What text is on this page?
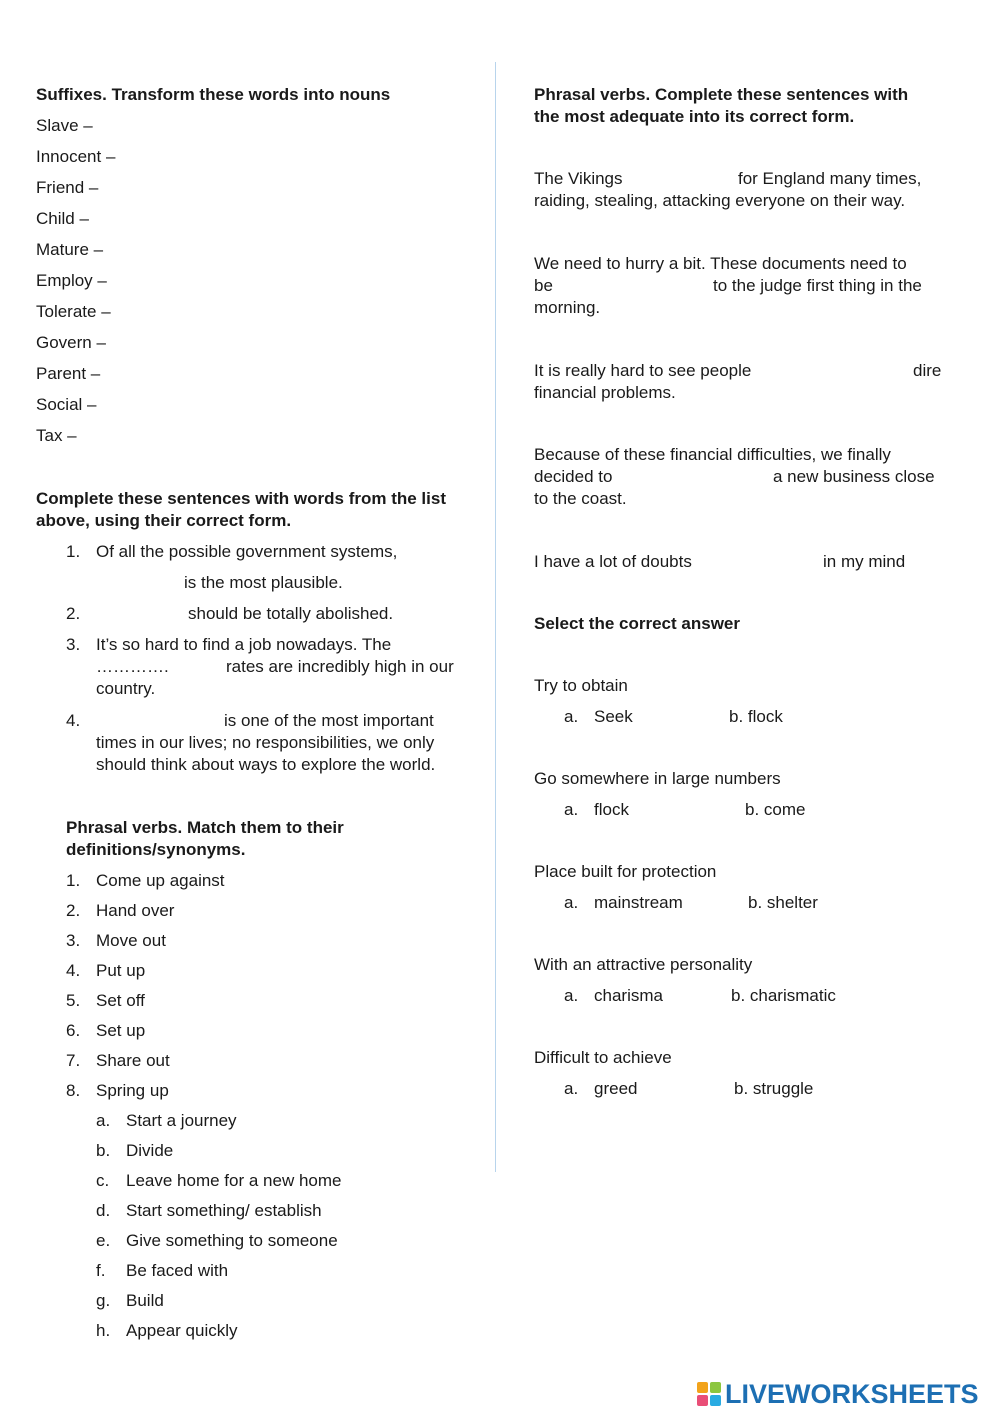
Suffixes. Transform these words into nouns
Slave –
Innocent –
Friend –
Child –
Mature –
Employ –
Tolerate –
Govern –
Parent –
Social –
Tax –
Complete these sentences with words from the list
above, using their correct form.
1. Of all the possible government systems,
is the most plausible.
2.	should be totally abolished.
3. It’s so hard to find a job nowadays. The
………….	rates are incredibly high in our
country.
4.	is one of the most important
times in our lives; no responsibilities, we only
should think about ways to explore the world.
Phrasal verbs. Match them to their
definitions/synonyms.
1. Come up against
2. Hand over
3. Move out
4. Put up
5. Set off
6. Set up
7. Share out
8. Spring up
a. Start a journey
b. Divide
c. Leave home for a new home
d. Start something/ establish
e. Give something to someone
f. Be faced with
g. Build
h. Appear quickly
Phrasal verbs. Complete these sentences with
the most adequate into its correct form.
The Vikings	for England many times,
raiding, stealing, attacking everyone on their way.
We need to hurry a bit. These documents need to
be	to the judge first thing in the
morning.
It is really hard to see people	dire
financial problems.
Because of these financial difficulties, we finally
decided to	a new business close
to the coast.
I have a lot of doubts	in my mind
Select the correct answer
Try to obtain
a. Seek	b. flock
Go somewhere in large numbers
a. flock	b. come
Place built for protection
a. mainstream	b. shelter
With an attractive personality
a. charisma	b. charismatic
Difficult to achieve
a. greed	b. struggle
LIVEWORKSHEETS
